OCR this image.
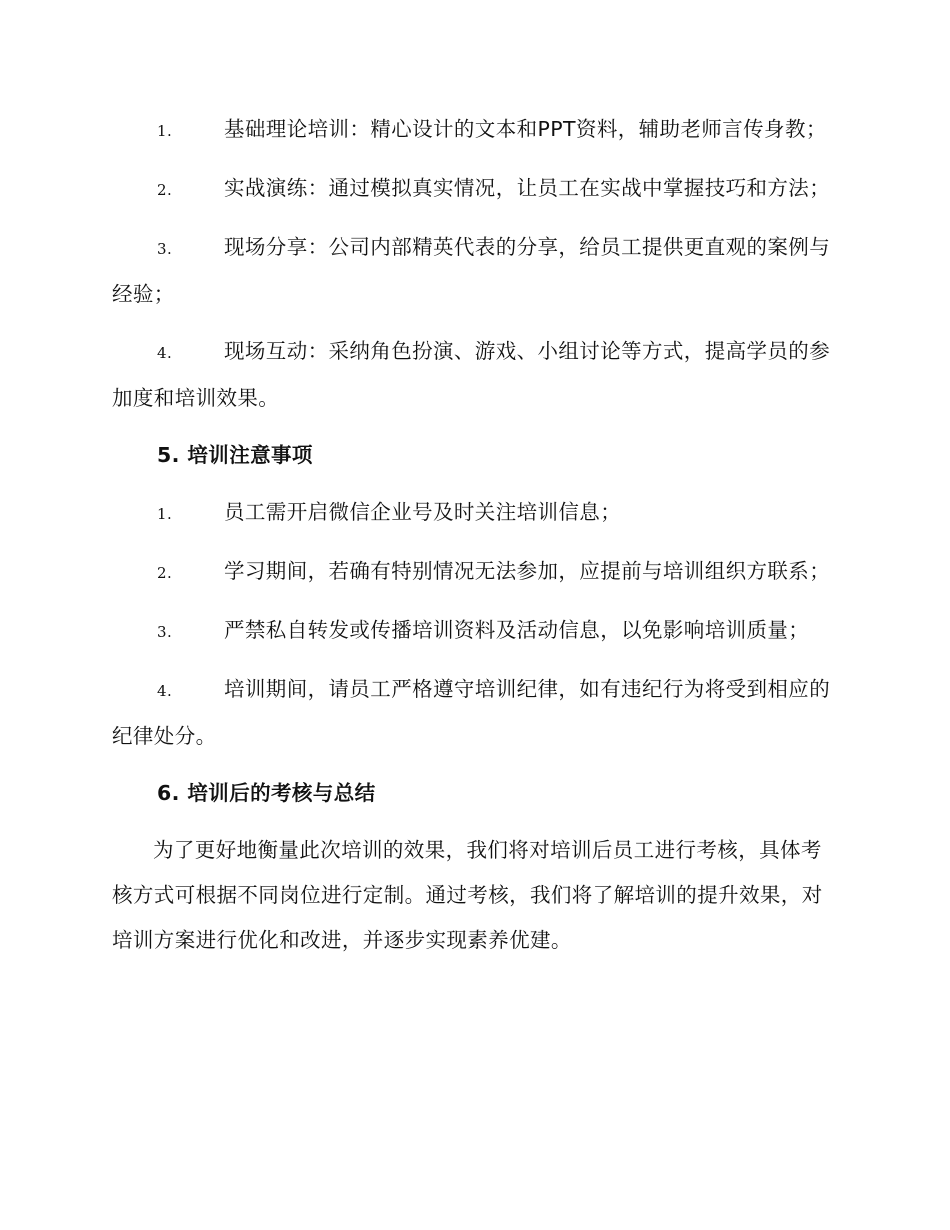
1.	基础理论培训：精心设计的文本和PPT资料，辅助老师言传身教；

2.	实战演练：通过模拟真实情况，让员工在实战中掌握技巧和方法；

3.	现场分享：公司内部精英代表的分享，给员工提供更直观的案例与经验；

4.	现场互动：采纳角色扮演、游戏、小组讨论等方式，提高学员的参加度和培训效果。

5. 培训注意事项

1.	员工需开启微信企业号及时关注培训信息；

2.	学习期间，若确有特别情况无法参加，应提前与培训组织方联系；

3.	严禁私自转发或传播培训资料及活动信息，以免影响培训质量；

4.	培训期间，请员工严格遵守培训纪律，如有违纪行为将受到相应的纪律处分。

6. 培训后的考核与总结

为了更好地衡量此次培训的效果，我们将对培训后员工进行考核，具体考核方式可根据不同岗位进行定制。通过考核，我们将了解培训的提升效果，对培训方案进行优化和改进，并逐步实现素养优建。
